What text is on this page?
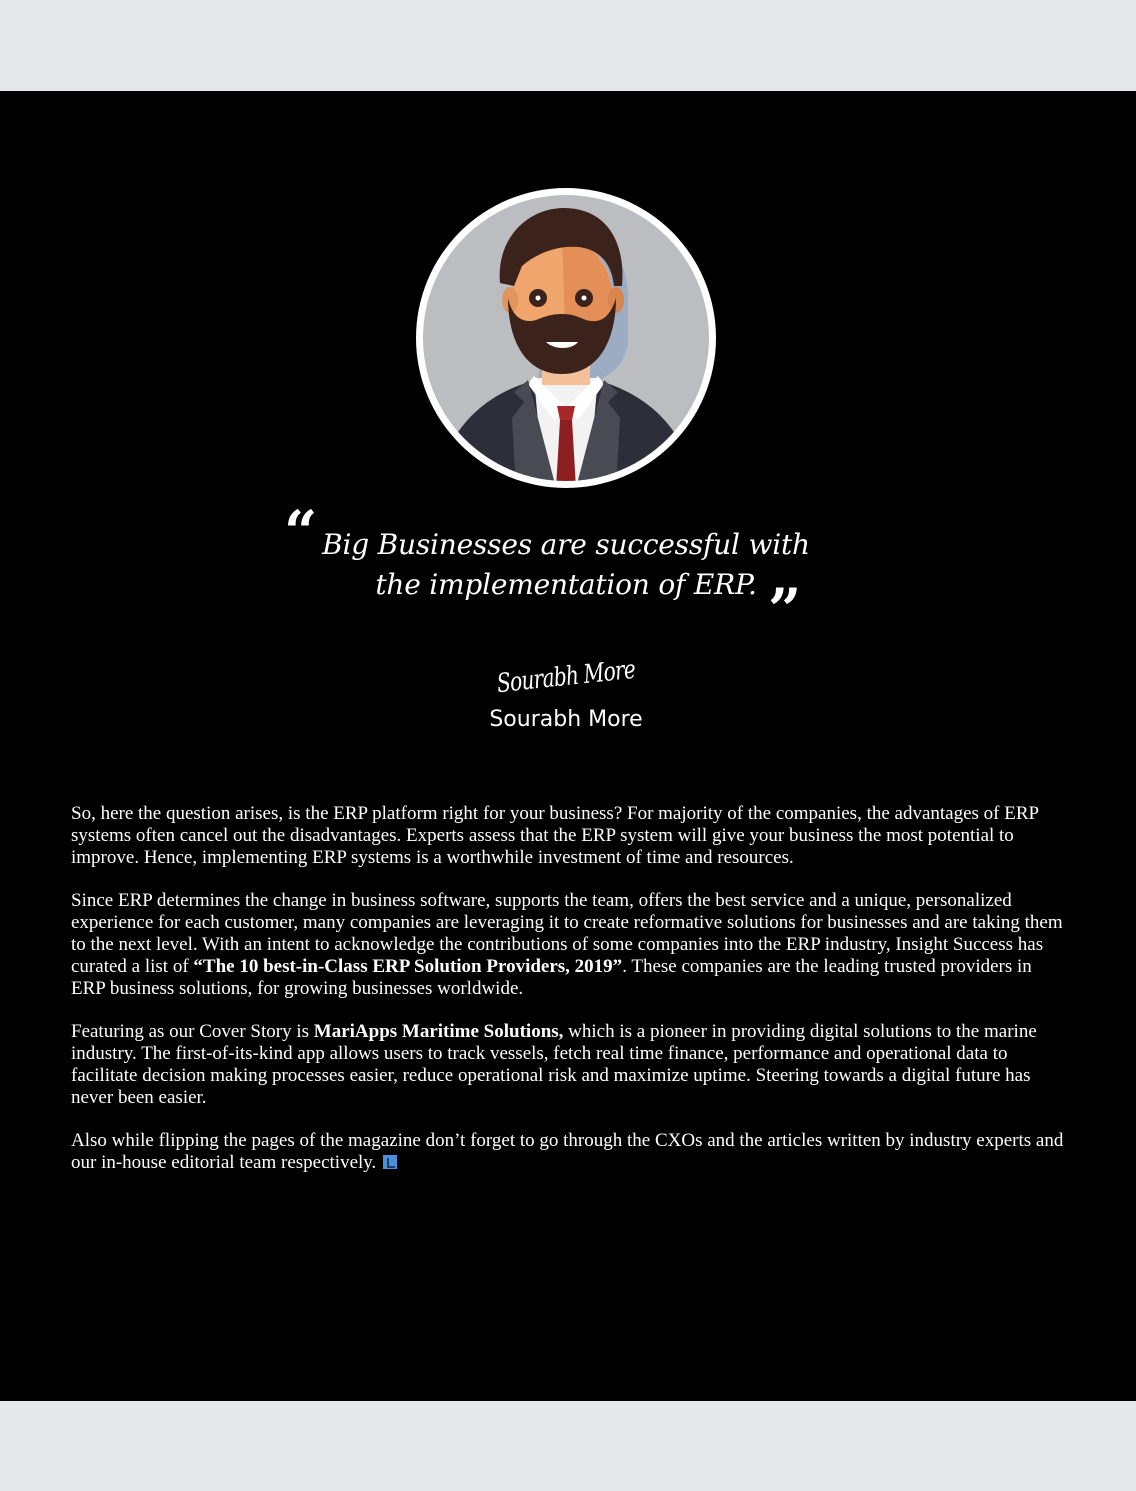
“ Big Businesses are successful with
the implementation of ERP. ”
Sourabh More
Sourabh More

So, here the question arises, is the ERP platform right for your business? For majority of the companies, the advantages of ERP systems often cancel out the disadvantages. Experts assess that the ERP system will give your business the most potential to improve. Hence, implementing ERP systems is a worthwhile investment of time and resources.

Since ERP determines the change in business software, supports the team, offers the best service and a unique, personalized experience for each customer, many companies are leveraging it to create reformative solutions for businesses and are taking them to the next level. With an intent to acknowledge the contributions of some companies into the ERP industry, Insight Success has curated a list of “The 10 best-in-Class ERP Solution Providers, 2019”. These companies are the leading trusted providers in ERP business solutions, for growing businesses worldwide.

Featuring as our Cover Story is MariApps Maritime Solutions, which is a pioneer in providing digital solutions to the marine industry. The first-of-its-kind app allows users to track vessels, fetch real time finance, performance and operational data to facilitate decision making processes easier, reduce operational risk and maximize uptime. Steering towards a digital future has never been easier.

Also while flipping the pages of the magazine don’t forget to go through the CXOs and the articles written by industry experts and our in-house editorial team respectively.
